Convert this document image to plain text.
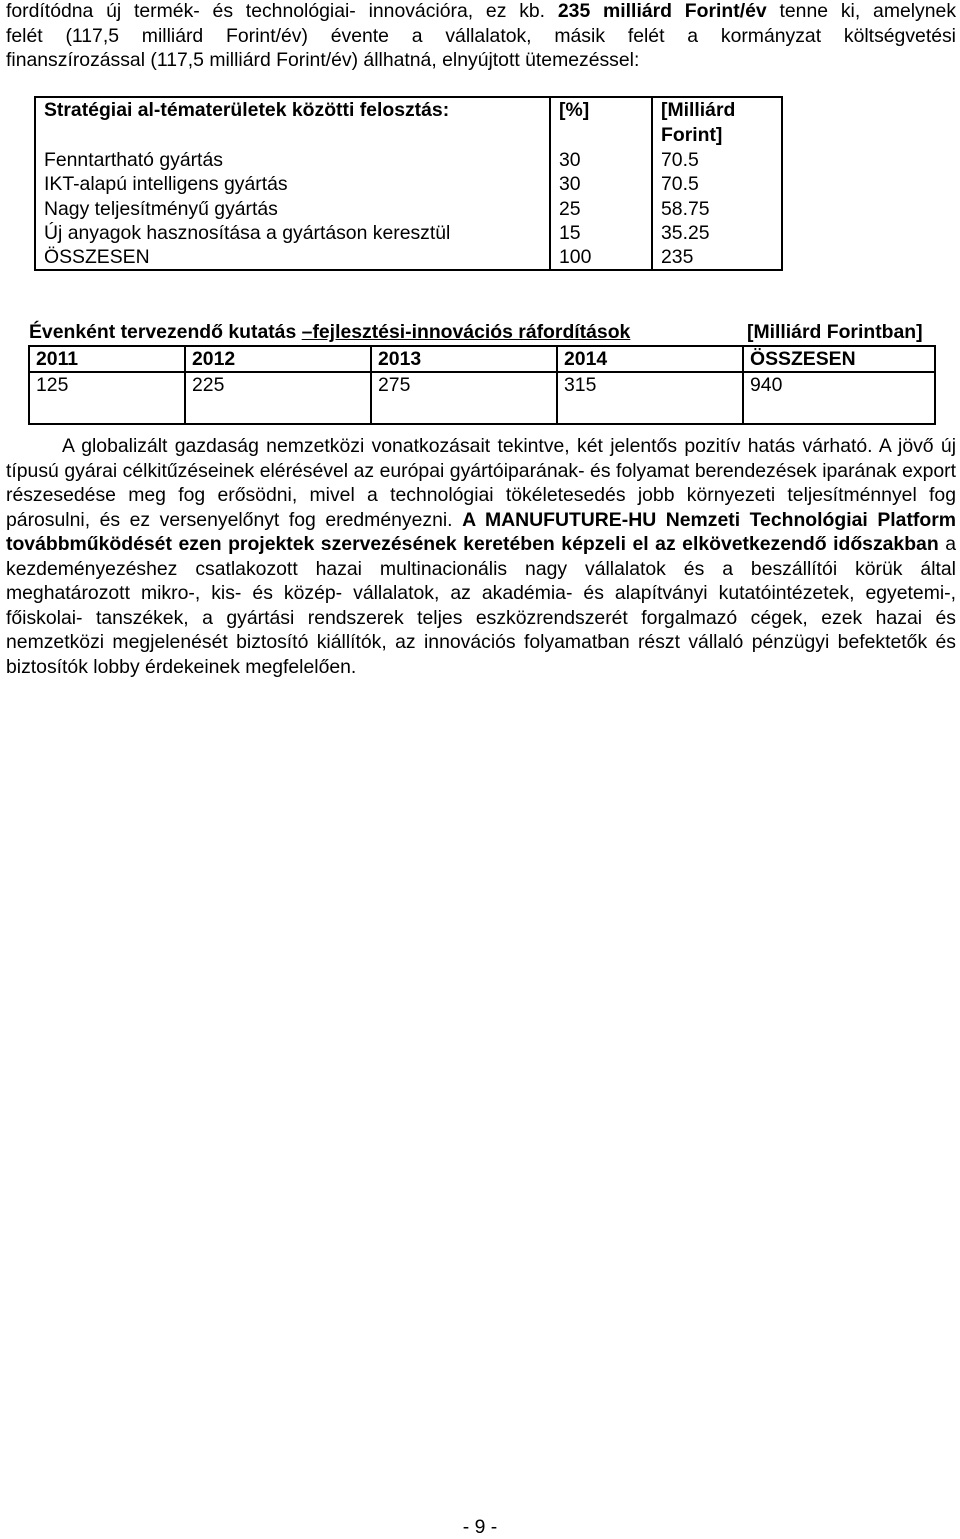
fordítódna új termék- és technológiai- innovációra, ez kb. 235 milliárd Forint/év tenne ki, amelynek

felét (117,5 milliárd Forint/év) évente a vállalatok, másik felét a kormányzat költségvetési

finanszírozással (117,5 milliárd Forint/év) állhatná, elnyújtott ütemezéssel:

Stratégiai al-tématerületek közötti felosztás:	[%]	[Milliárd Forint]
Fenntartható gyártás	30	70.5
IKT-alapú intelligens gyártás	30	70.5
Nagy teljesítményű gyártás	25	58.75
Új anyagok hasznosítása a gyártáson keresztül	15	35.25
ÖSSZESEN	100	235
Évenként tervezendő kutatás –fejlesztési-innovációs ráfordítások				[Milliárd Forintban]
2011	2012	2013	2014	ÖSSZESEN
125	225	275	315	940

A globalizált gazdaság nemzetközi vonatkozásait tekintve, két jelentős pozitív hatás várható. A jövő új típusú gyárai célkitűzéseinek elérésével az európai gyártóiparának- és folyamat berendezések iparának export részesedése meg fog erősödni, mivel a technológiai tökéletesedés jobb környezeti teljesítménnyel fog párosulni, és ez versenyelőnyt fog eredményezni. A MANUFUTURE-HU Nemzeti Technológiai Platform továbbműködését ezen projektek szervezésének keretében képzeli el az elkövetkezendő időszakban a kezdeményezéshez csatlakozott hazai multinacionális nagy vállalatok és a beszállítói körük által meghatározott mikro-, kis- és közép- vállalatok, az akadémia- és alapítványi kutatóintézetek, egyetemi-, főiskolai- tanszékek, a gyártási rendszerek teljes eszközrendszerét forgalmazó cégek, ezek hazai és nemzetközi megjelenését biztosító kiállítók, az innovációs folyamatban részt vállaló pénzügyi befektetők és biztosítók lobby érdekeinek megfelelően.

- 9 -
